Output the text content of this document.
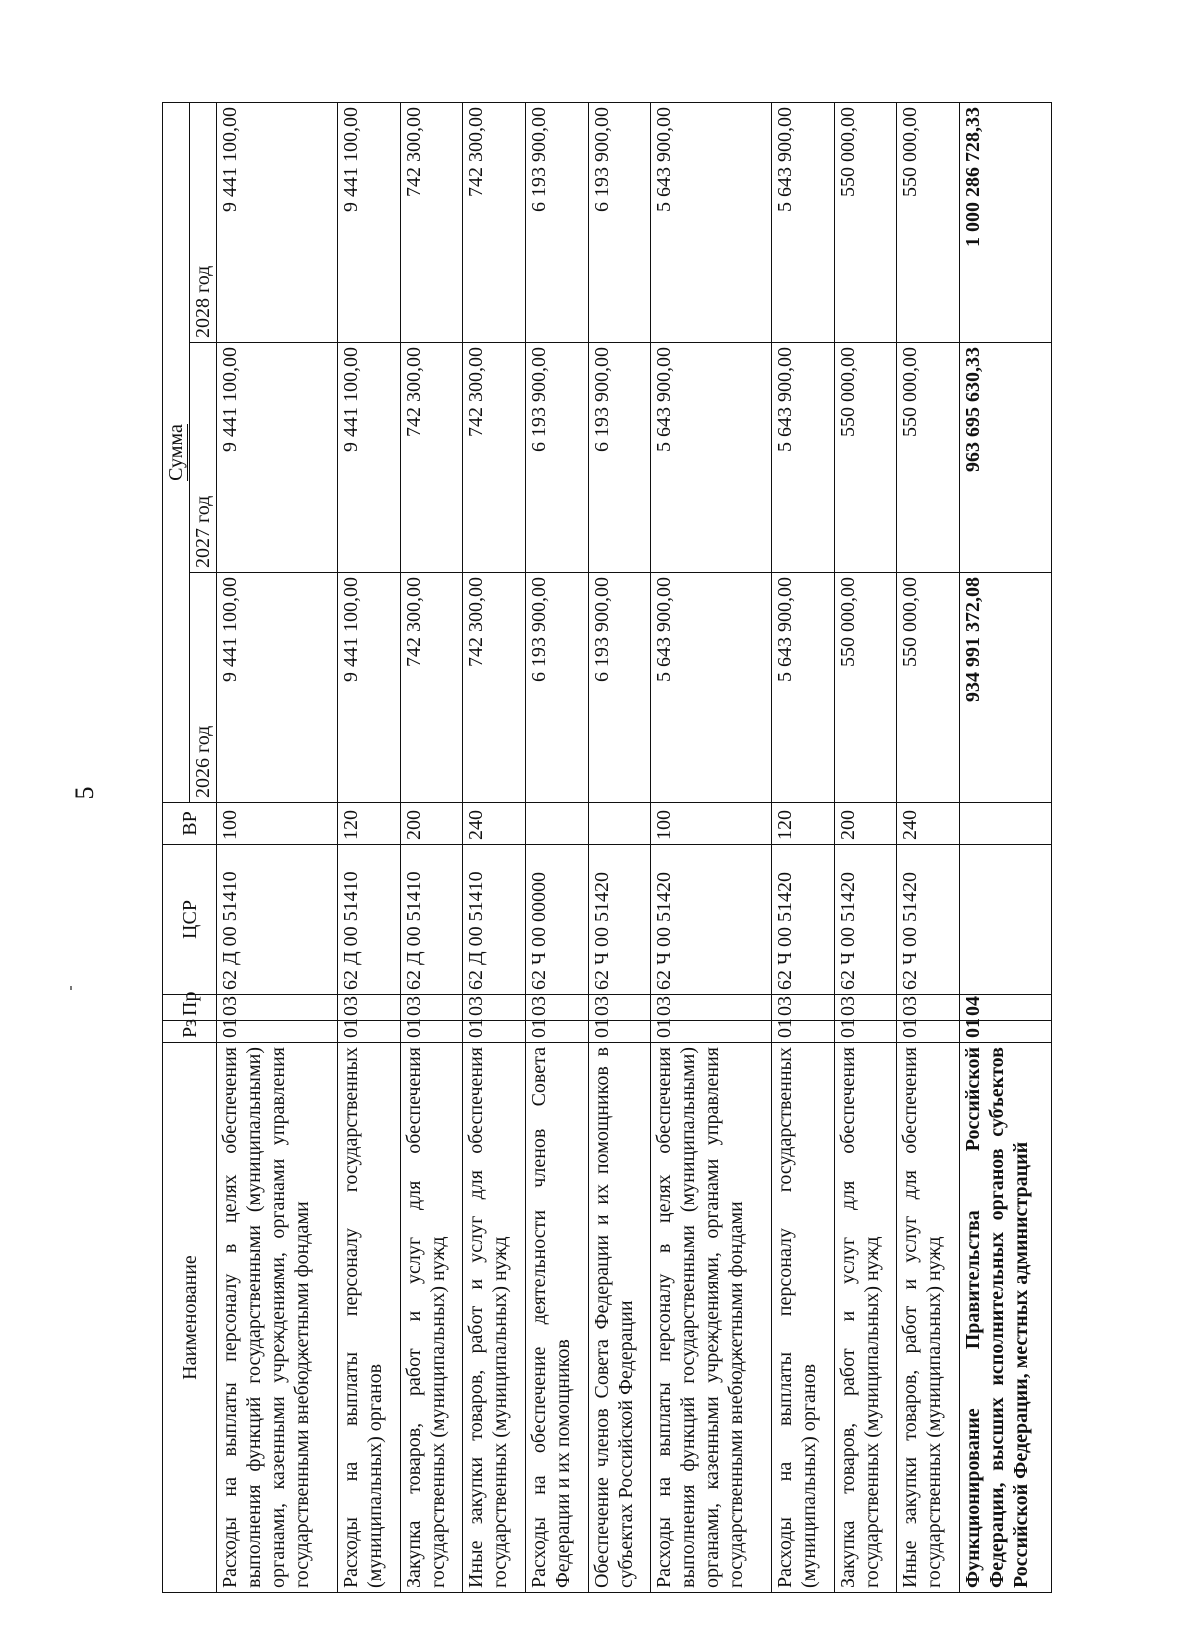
5
Наименование	Рз	Пр	ЦСР	ВР	Сумма		
					2026 год	2027 год	2028 год
Расходы на выплаты персоналу в целях обеспечения выполнения функций государственными (муниципальными) органами, казенными учреждениями, органами управления государственными внебюджетными фондами	01	03	62 Д 00 51410	100	9 441 100,00	9 441 100,00	9 441 100,00
Расходы на выплаты персоналу государственных (муниципальных) органов	01	03	62 Д 00 51410	120	9 441 100,00	9 441 100,00	9 441 100,00
Закупка товаров, работ и услуг для обеспечения государственных (муниципальных) нужд	01	03	62 Д 00 51410	200	742 300,00	742 300,00	742 300,00
Иные закупки товаров, работ и услуг для обеспечения государственных (муниципальных) нужд	01	03	62 Д 00 51410	240	742 300,00	742 300,00	742 300,00
Расходы на обеспечение деятельности членов Совета Федерации и их помощников	01	03	62 Ч 00 00000		6 193 900,00	6 193 900,00	6 193 900,00
Обеспечение членов Совета Федерации и их помощников в субъектах Российской Федерации	01	03	62 Ч 00 51420		6 193 900,00	6 193 900,00	6 193 900,00
Расходы на выплаты персоналу в целях обеспечения выполнения функций государственными (муниципальными) органами, казенными учреждениями, органами управления государственными внебюджетными фондами	01	03	62 Ч 00 51420	100	5 643 900,00	5 643 900,00	5 643 900,00
Расходы на выплаты персоналу государственных (муниципальных) органов	01	03	62 Ч 00 51420	120	5 643 900,00	5 643 900,00	5 643 900,00
Закупка товаров, работ и услуг для обеспечения государственных (муниципальных) нужд	01	03	62 Ч 00 51420	200	550 000,00	550 000,00	550 000,00
Иные закупки товаров, работ и услуг для обеспечения государственных (муниципальных) нужд	01	03	62 Ч 00 51420	240	550 000,00	550 000,00	550 000,00
Функционирование Правительства Российской Федерации, высших исполнительных органов субъектов Российской Федерации, местных администраций	01	04			934 991 372,08	963 695 630,33	1 000 286 728,33
